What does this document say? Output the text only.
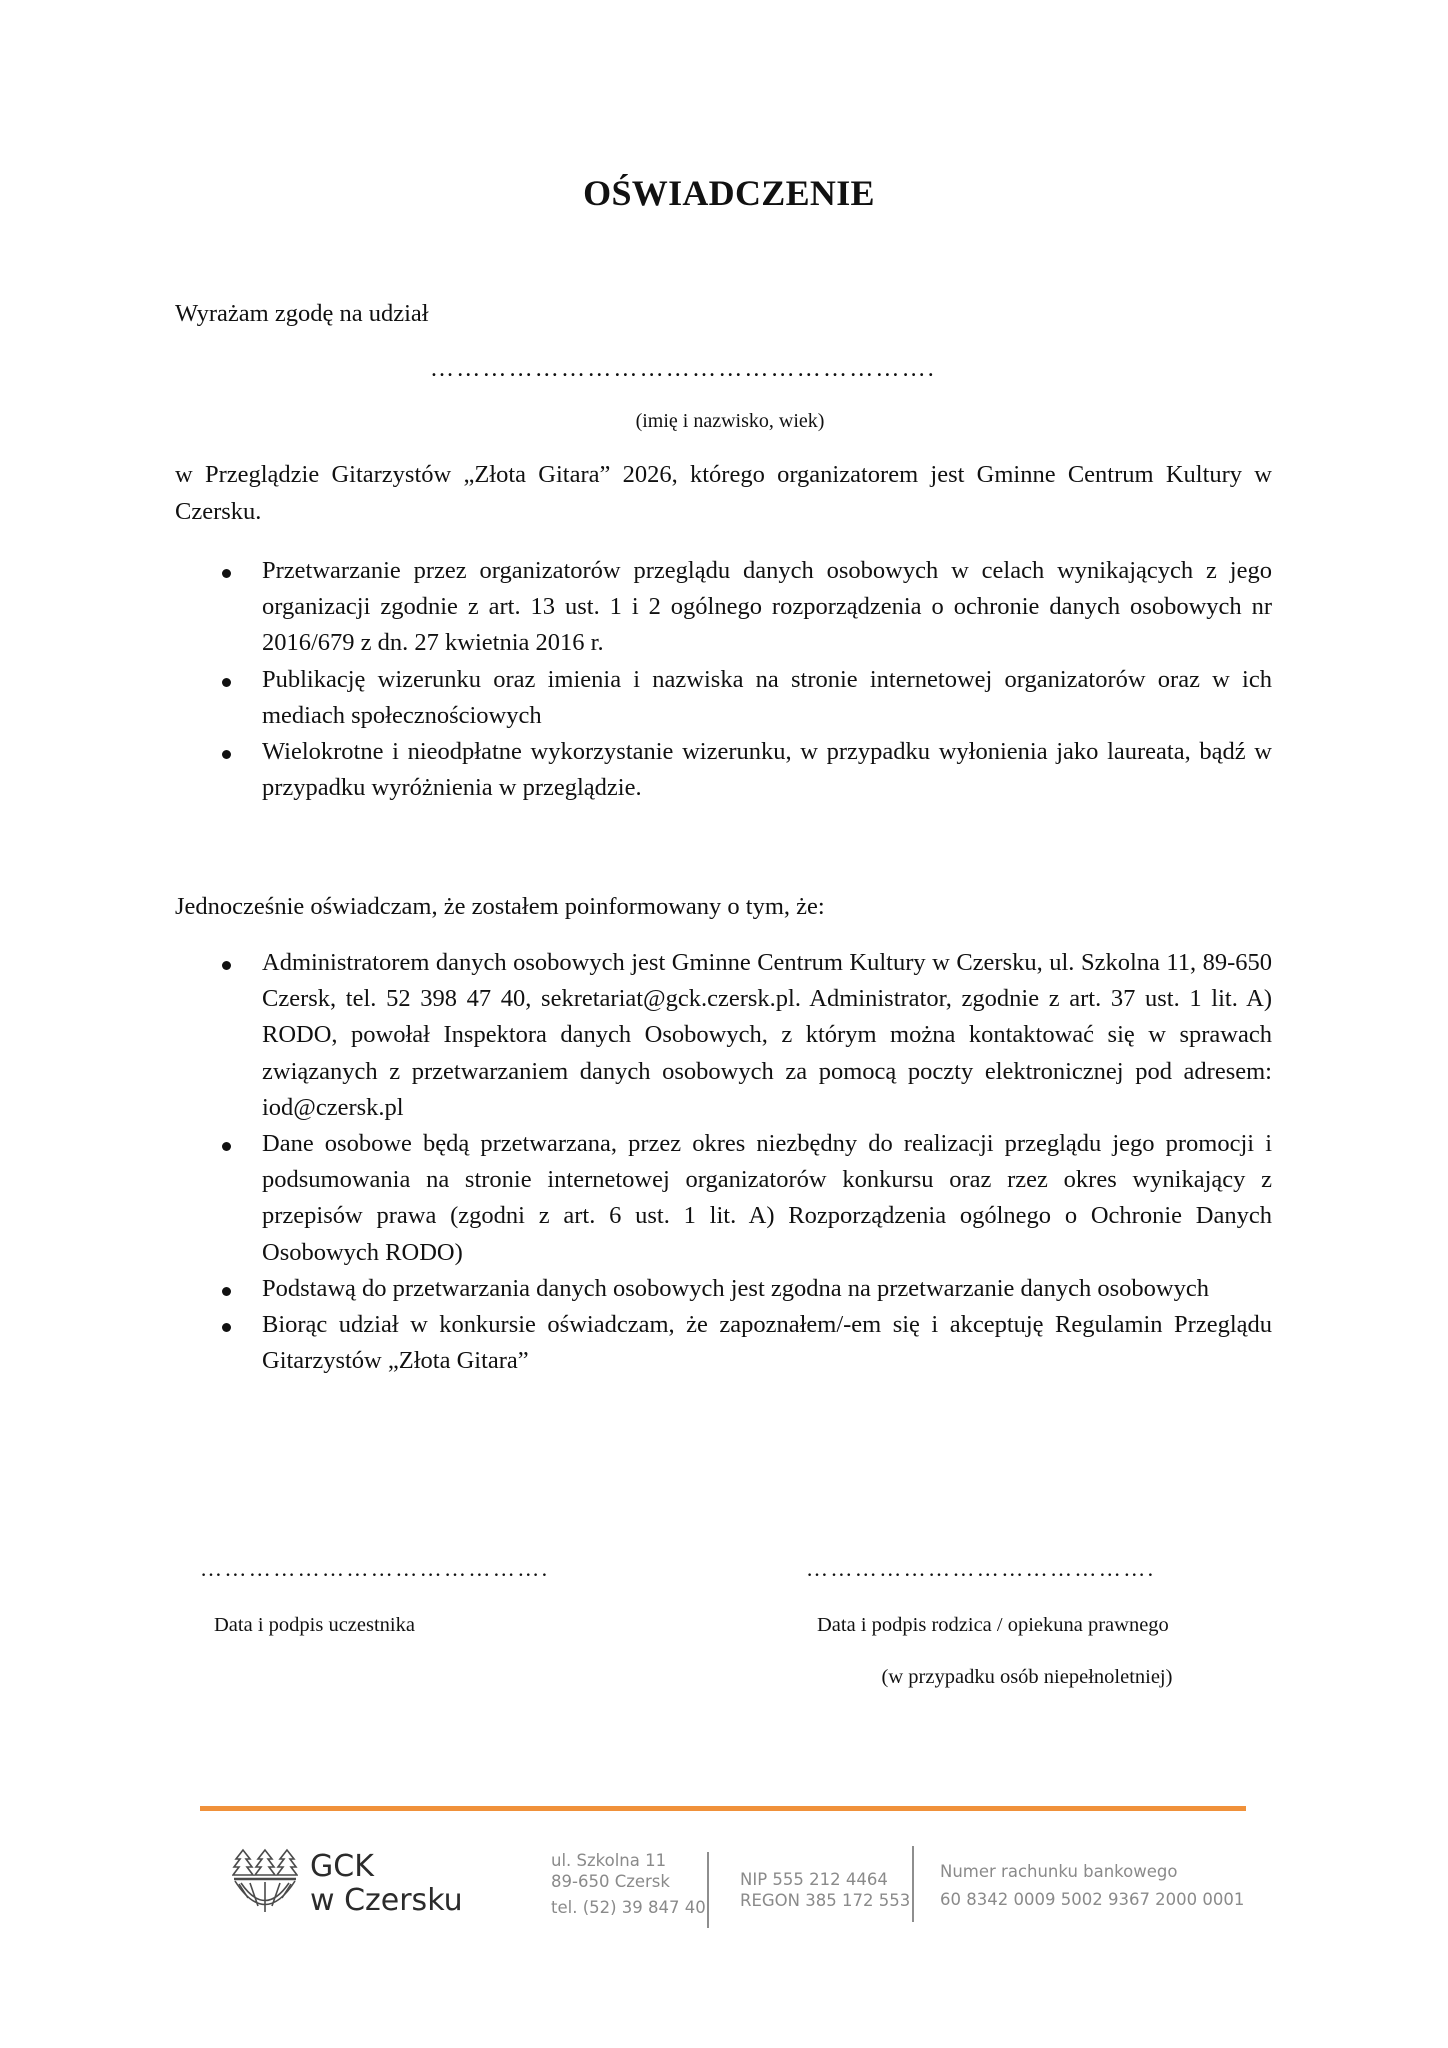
OŚWIADCZENIE
Wyrażam zgodę na udział
………………………………………………….
(imię i nazwisko, wiek)
w Przeglądzie Gitarzystów „Złota Gitara” 2026, którego organizatorem jest Gminne Centrum Kultury w Czersku.
Przetwarzanie przez organizatorów przeglądu danych osobowych w celach wynikających z jego organizacji zgodnie z art. 13 ust. 1 i 2 ogólnego rozporządzenia o ochronie danych osobowych nr 2016/679 z dn. 27 kwietnia 2016 r.
Publikację wizerunku oraz imienia i nazwiska na stronie internetowej organizatorów oraz w ich mediach społecznościowych
Wielokrotne i nieodpłatne wykorzystanie wizerunku, w przypadku wyłonienia jako laureata, bądź w przypadku wyróżnienia w przeglądzie.
Jednocześnie oświadczam, że zostałem poinformowany o tym, że:
Administratorem danych osobowych jest Gminne Centrum Kultury w Czersku, ul. Szkolna 11, 89-650 Czersk, tel. 52 398 47 40, sekretariat@gck.czersk.pl. Administrator, zgodnie z art. 37 ust. 1 lit. A) RODO, powołał Inspektora danych Osobowych, z którym można kontaktować się w sprawach związanych z przetwarzaniem danych osobowych za pomocą poczty elektronicznej pod adresem: iod@czersk.pl
Dane osobowe będą przetwarzana, przez okres niezbędny do realizacji przeglądu jego promocji i podsumowania na stronie internetowej organizatorów konkursu oraz rzez okres wynikający z przepisów prawa (zgodni z art. 6 ust. 1 lit. A) Rozporządzenia ogólnego o Ochronie Danych Osobowych RODO)
Podstawą do przetwarzania danych osobowych jest zgodna na przetwarzanie danych osobowych
Biorąc udział w konkursie oświadczam, że zapoznałem/-em się i akceptuję Regulamin Przeglądu Gitarzystów „Złota Gitara”
…………………………………….	…………………………………….
Data i podpis uczestnika	Data i podpis rodzica / opiekuna prawnego
(w przypadku osób niepełnoletniej)
GCK
w Czersku
ul. Szkolna 11
89-650 Czersk
tel. (52) 39 847 40
NIP 555 212 4464
REGON 385 172 553
Numer rachunku bankowego
60 8342 0009 5002 9367 2000 0001
